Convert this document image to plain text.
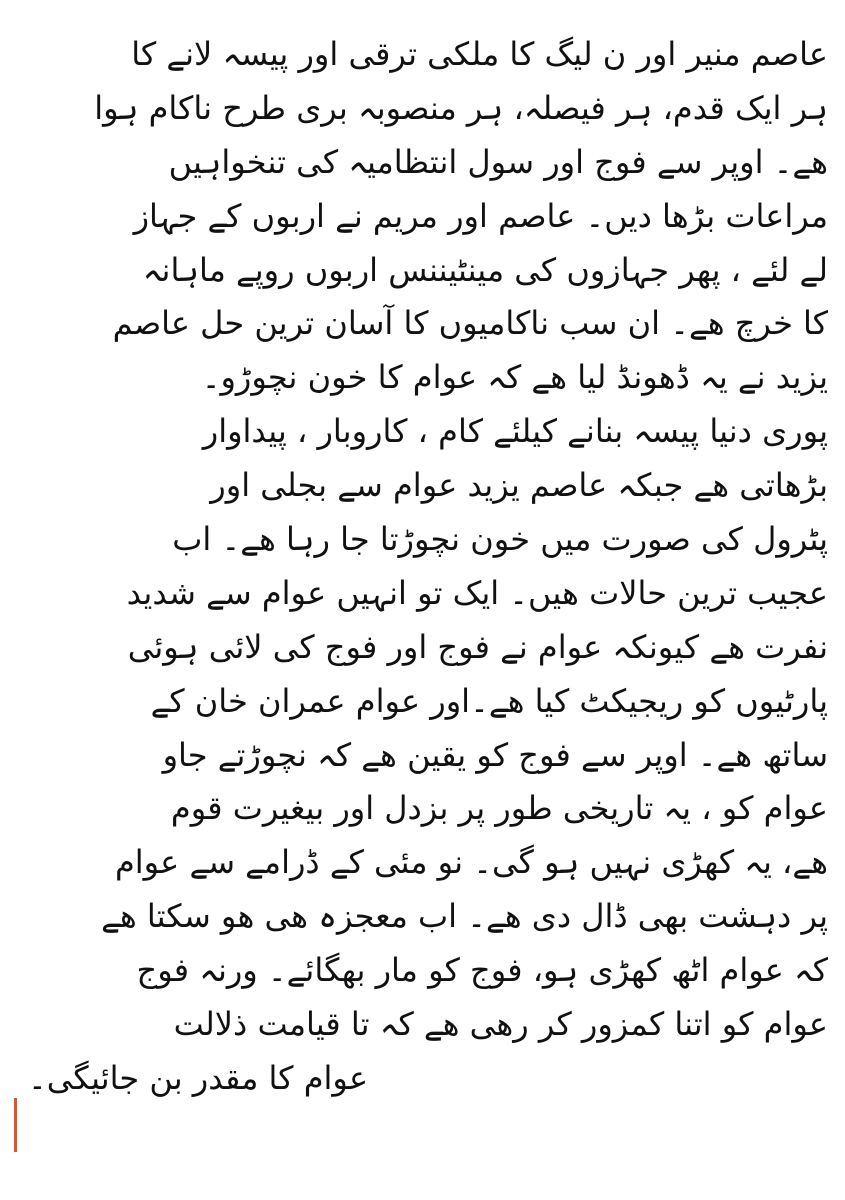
عاصم منیر اور ن لیگ کا ملکی ترقی اور پیسہ لانے کا
ہر ایک قدم، ہر فیصلہ، ہر منصوبہ بری طرح ناکام ہوا
ھے۔ اوپر سے فوج اور سول انتظامیہ کی تنخواہیں
مراعات بڑھا دیں۔ عاصم اور مریم نے اربوں کے جہاز
لے لئے ، پھر جہازوں کی مینٹیننس اربوں روپے ماہانہ
کا خرچ ھے۔ ان سب ناکامیوں کا آسان ترین حل عاصم
یزید نے یہ ڈھونڈ لیا ھے کہ عوام کا خون نچوڑو۔
پوری دنیا پیسہ بنانے کیلئے کام ، کاروبار ، پیداوار
بڑھاتی ھے جبکہ عاصم یزید عوام سے بجلی اور
پٹرول کی صورت میں خون نچوڑتا جا رہا ھے۔ اب
عجیب ترین حالات ھیں۔ ایک تو انہیں عوام سے شدید
نفرت ھے کیونکہ عوام نے فوج اور فوج کی لائی ہوئی
پارٹیوں کو ریجیکٹ کیا ھے۔اور عوام عمران خان کے
ساتھ ھے۔ اوپر سے فوج کو یقین ھے کہ نچوڑتے جاو
عوام کو ، یہ تاریخی طور پر بزدل اور بیغیرت قوم
ھے، یہ کھڑی نہیں ہو گی۔ نو مئی کے ڈرامے سے عوام
پر دہشت بھی ڈال دی ھے۔ اب معجزہ ھی ھو سکتا ھے
کہ عوام اٹھ کھڑی ہو، فوج کو مار بھگائے۔ ورنہ فوج
عوام کو اتنا کمزور کر رھی ھے کہ تا قیامت ذلالت
عوام کا مقدر بن جائیگی۔
